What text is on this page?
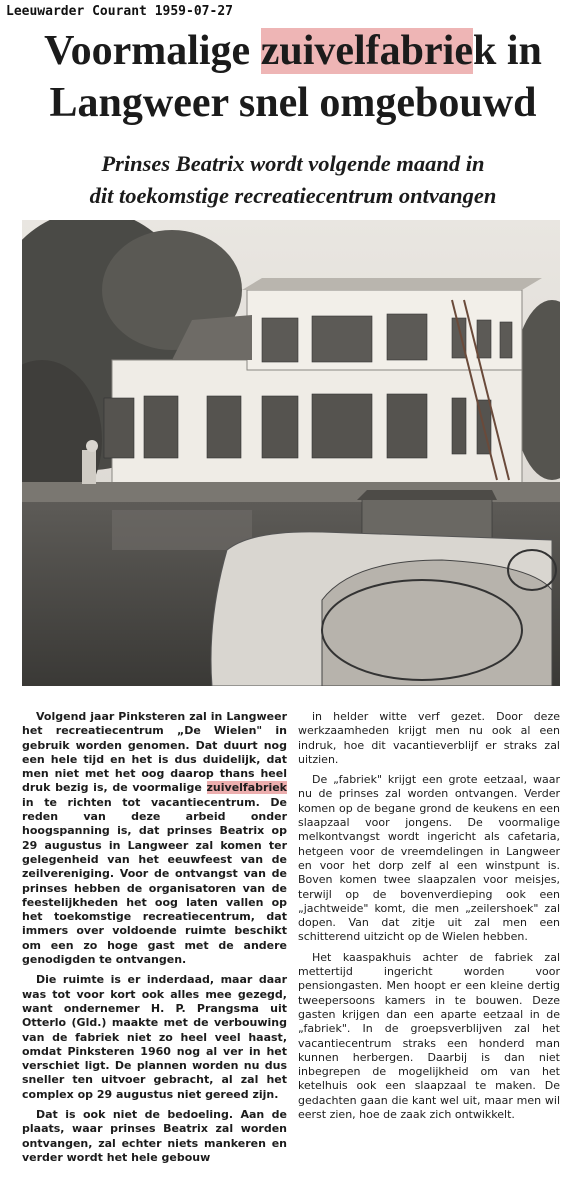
Leeuwarder Courant 1959-07-27
Voormalige zuivelfabriek in
Langweer snel omgebouwd
Prinses Beatrix wordt volgende maand in
dit toekomstige recreatiecentrum ontvangen

Volgend jaar Pinksteren zal in Langweer het recreatiecentrum „De Wielen" in gebruik worden genomen. Dat duurt nog een hele tijd en het is dus duidelijk, dat men niet met het oog daarop thans heel druk bezig is, de voormalige zuivelfabriek in te richten tot vacantiecentrum. De reden van deze arbeid onder hoogspanning is, dat prinses Beatrix op 29 augustus in Langweer zal komen ter gelegenheid van het eeuwfeest van de zeilvereniging. Voor de ontvangst van de prinses hebben de organisatoren van de feestelijkheden het oog laten vallen op het toekomstige recreatiecentrum, dat immers over voldoende ruimte beschikt om een zo hoge gast met de andere genodigden te ontvangen.

Die ruimte is er inderdaad, maar daar was tot voor kort ook alles mee gezegd, want ondernemer H. P. Prangsma uit Otterlo (Gld.) maakte met de verbouwing van de fabriek niet zo heel veel haast, omdat Pinksteren 1960 nog al ver in het verschiet ligt. De plannen worden nu dus sneller ten uitvoer gebracht, al zal het complex op 29 augustus niet gereed zijn.

Dat is ook niet de bedoeling. Aan de plaats, waar prinses Beatrix zal worden ontvangen, zal echter niets mankeren en verder wordt het hele gebouw

in helder witte verf gezet. Door deze werkzaamheden krijgt men nu ook al een indruk, hoe dit vacantieverblijf er straks zal uitzien.

De „fabriek" krijgt een grote eetzaal, waar nu de prinses zal worden ontvangen. Verder komen op de begane grond de keukens en een slaapzaal voor jongens. De voormalige melkontvangst wordt ingericht als cafetaria, hetgeen voor de vreemdelingen in Langweer en voor het dorp zelf al een winstpunt is. Boven komen twee slaapzalen voor meisjes, terwijl op de bovenverdieping ook een „jachtweide" komt, die men „zeilershoek" zal dopen. Van dat zitje uit zal men een schitterend uitzicht op de Wielen hebben.

Het kaaspakhuis achter de fabriek zal mettertijd ingericht worden voor pensiongasten. Men hoopt er een kleine dertig tweepersoons kamers in te bouwen. Deze gasten krijgen dan een aparte eetzaal in de „fabriek". In de groepsverblijven zal het vacantiecentrum straks een honderd man kunnen herbergen. Daarbij is dan niet inbegrepen de mogelijkheid om van het ketelhuis ook een slaapzaal te maken. De gedachten gaan die kant wel uit, maar men wil eerst zien, hoe de zaak zich ontwikkelt.
